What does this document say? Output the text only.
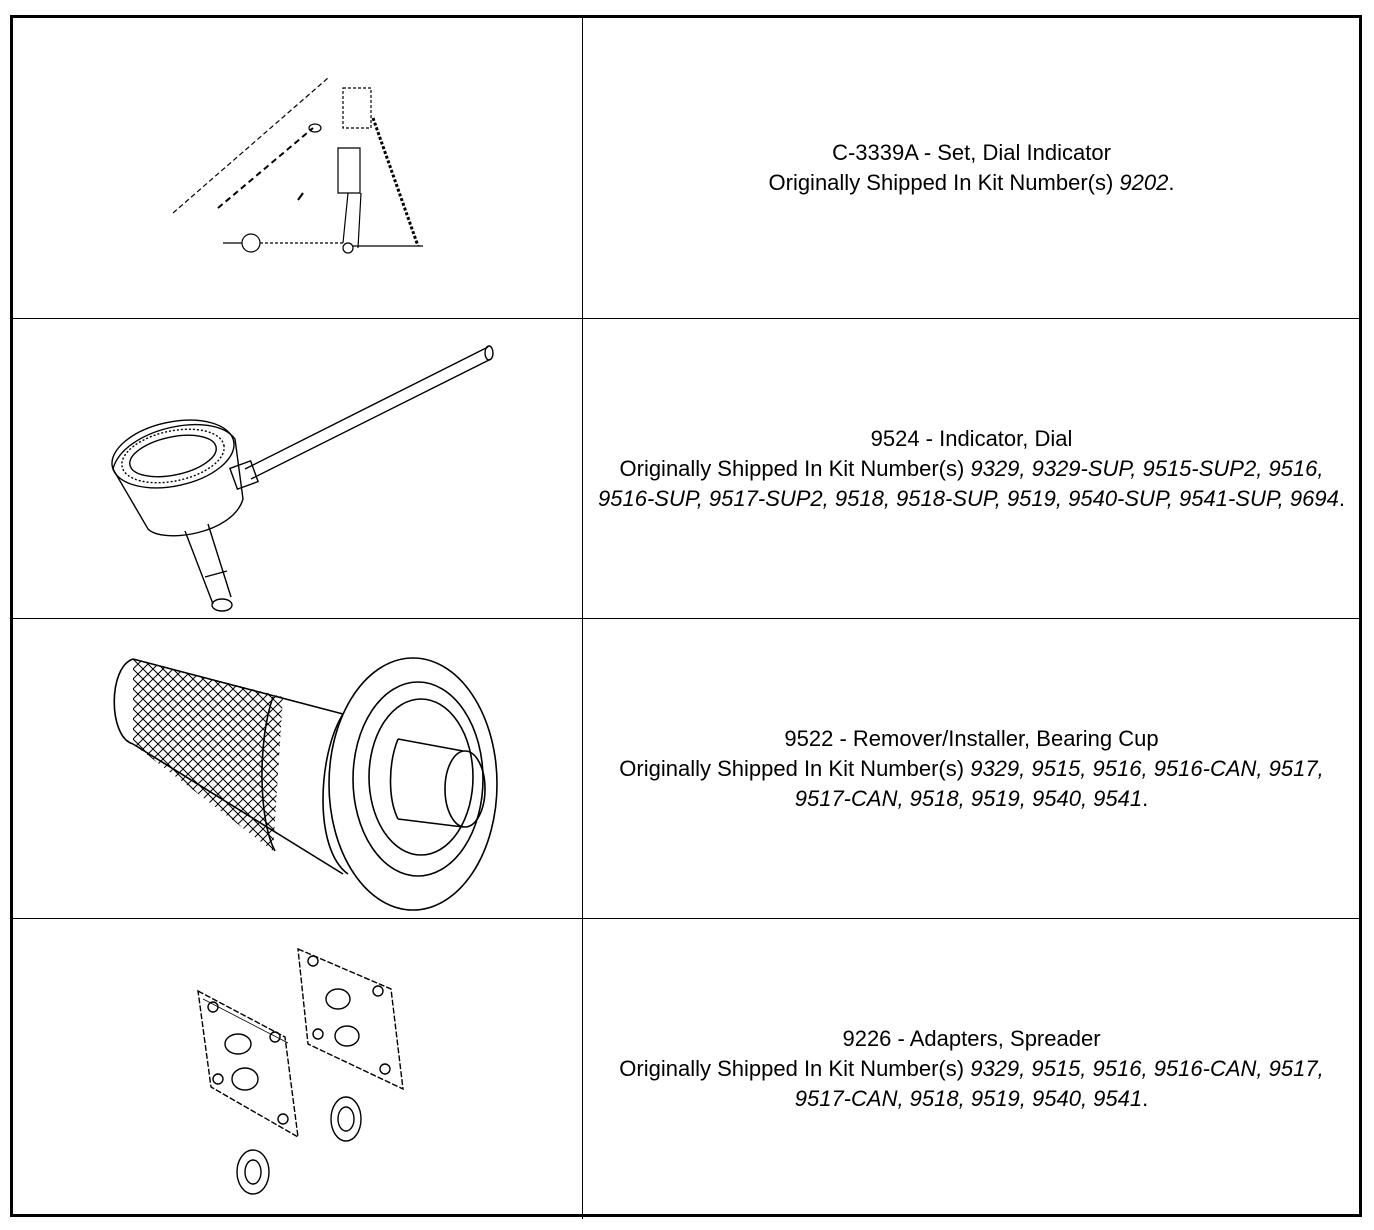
C-3339A - Set, Dial Indicator
Originally Shipped In Kit Number(s) 9202.
9524 - Indicator, Dial
Originally Shipped In Kit Number(s) 9329, 9329-SUP, 9515-SUP2, 9516, 9516-SUP, 9517-SUP2, 9518, 9518-SUP, 9519, 9540-SUP, 9541-SUP, 9694.
9522 - Remover/Installer, Bearing Cup
Originally Shipped In Kit Number(s) 9329, 9515, 9516, 9516-CAN, 9517, 9517-CAN, 9518, 9519, 9540, 9541.
9226 - Adapters, Spreader
Originally Shipped In Kit Number(s) 9329, 9515, 9516, 9516-CAN, 9517, 9517-CAN, 9518, 9519, 9540, 9541.
